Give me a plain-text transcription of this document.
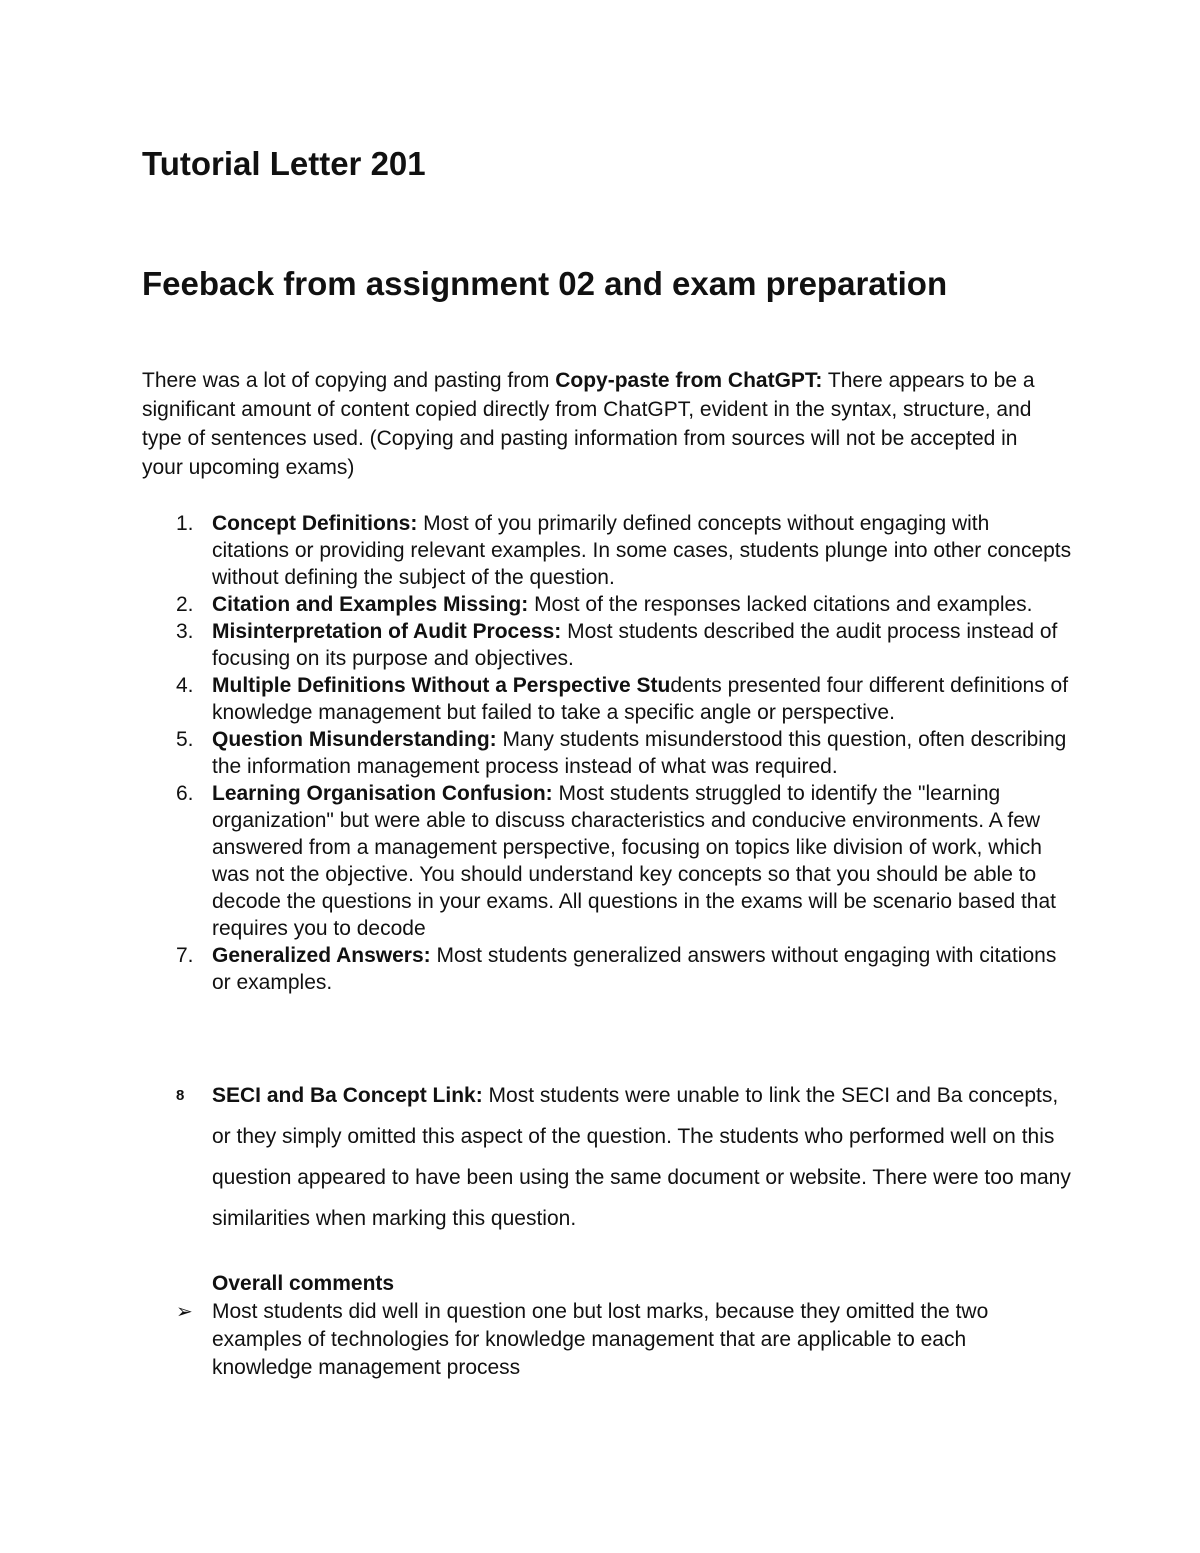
Tutorial Letter 201
Feeback from assignment 02 and exam preparation

There was a lot of copying and pasting from Copy-paste from ChatGPT: There appears to be a significant amount of content copied directly from ChatGPT, evident in the syntax, structure, and type of sentences used. (Copying and pasting information from sources will not be accepted in your upcoming exams)

1. Concept Definitions: Most of you primarily defined concepts without engaging with citations or providing relevant examples. In some cases, students plunge into other concepts without defining the subject of the question.
2. Citation and Examples Missing: Most of the responses lacked citations and examples.
3. Misinterpretation of Audit Process: Most students described the audit process instead of focusing on its purpose and objectives.
4. Multiple Definitions Without a Perspective Students presented four different definitions of knowledge management but failed to take a specific angle or perspective.
5. Question Misunderstanding: Many students misunderstood this question, often describing the information management process instead of what was required.
6. Learning Organisation Confusion: Most students struggled to identify the "learning organization" but were able to discuss characteristics and conducive environments. A few answered from a management perspective, focusing on topics like division of work, which was not the objective. You should understand key concepts so that you should be able to decode the questions in your exams. All questions in the exams will be scenario based that requires you to decode
7. Generalized Answers: Most students generalized answers without engaging with citations or examples.
8 SECI and Ba Concept Link: Most students were unable to link the SECI and Ba concepts, or they simply omitted this aspect of the question. The students who performed well on this question appeared to have been using the same document or website. There were too many similarities when marking this question.

Overall comments

➢ Most students did well in question one but lost marks, because they omitted the two examples of technologies for knowledge management that are applicable to each knowledge management process
